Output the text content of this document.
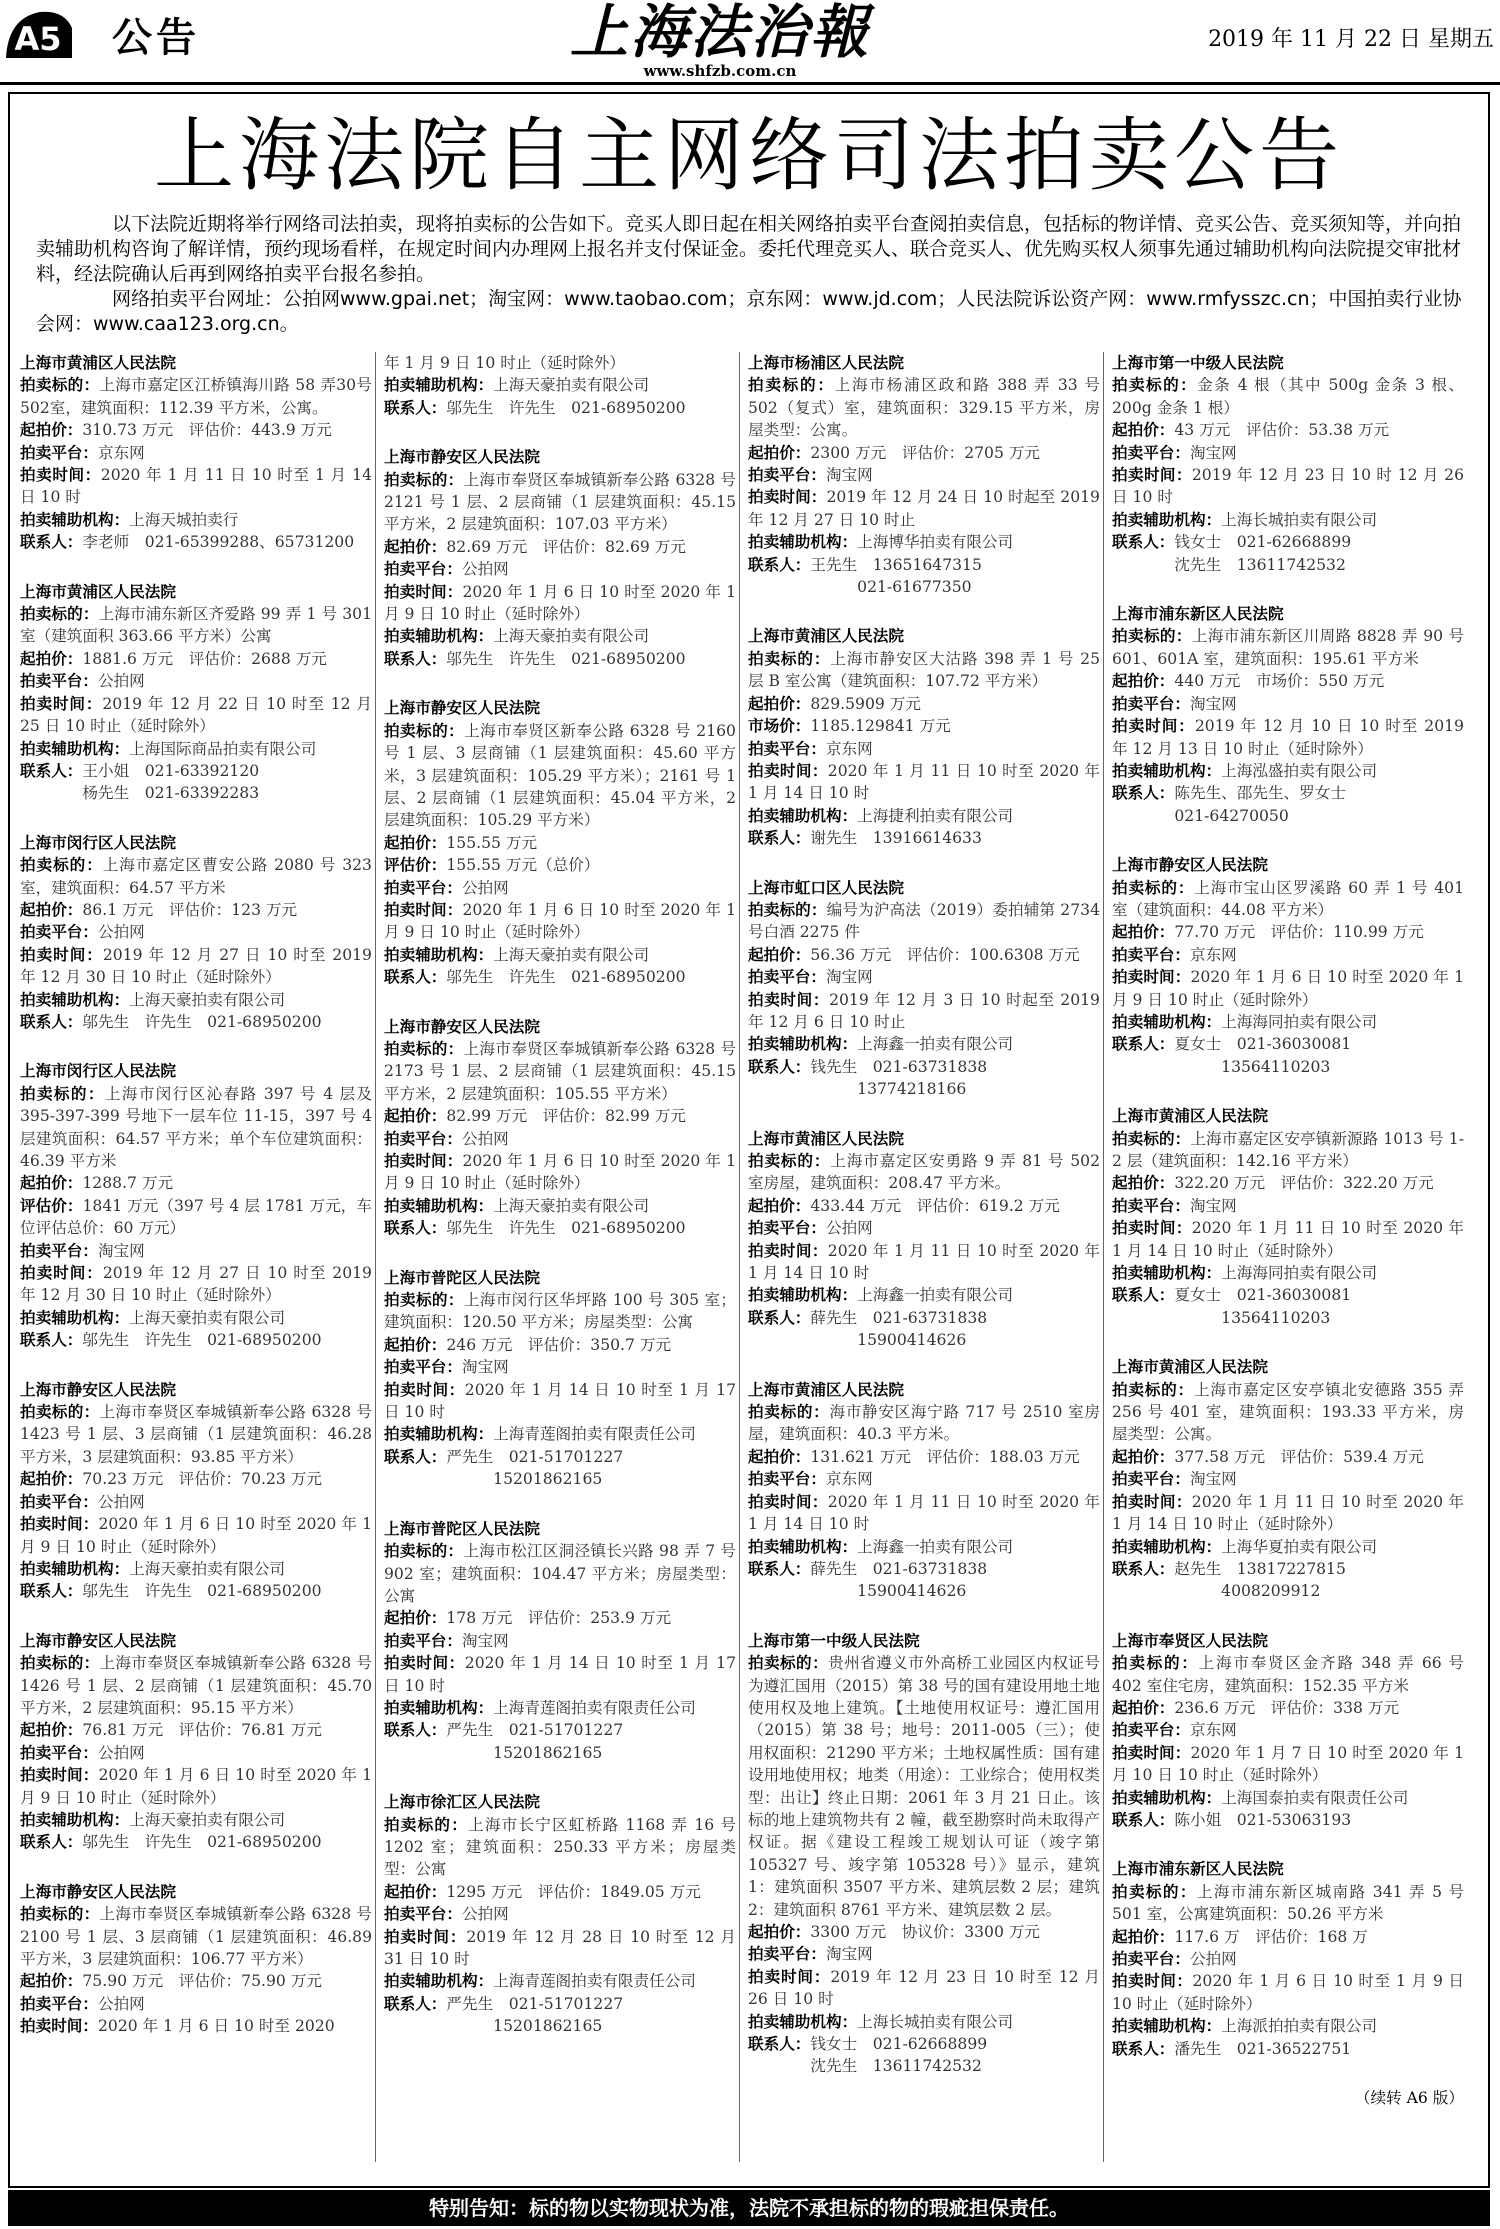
A5 公告	上海法治報
www.shfzb.com.cn
2019 年 11 月 22 日 星期五
上海法院自主网络司法拍卖公告

以下法院近期将举行网络司法拍卖，现将拍卖标的公告如下。竞买人即日起在相关网络拍卖平台查阅拍卖信息，包括标的物详情、竞买公告、竞买须知等，并向拍卖辅助机构咨询了解详情，预约现场看样，在规定时间内办理网上报名并支付保证金。委托代理竞买人、联合竞买人、优先购买权人须事先通过辅助机构向法院提交审批材料，经法院确认后再到网络拍卖平台报名参拍。

网络拍卖平台网址：公拍网www.gpai.net；淘宝网：www.taobao.com；京东网：www.jd.com；人民法院诉讼资产网：www.rmfysszc.cn；中国拍卖行业协会网：www.caa123.org.cn。

上海市黄浦区人民法院
拍卖标的：上海市嘉定区江桥镇海川路 58 弄30号502室，建筑面积：112.39 平方米，公寓。
起拍价：310.73 万元　评估价：443.9 万元
拍卖平台：京东网
拍卖时间：2020 年 1 月 11 日 10 时至 1 月 14 日 10 时
拍卖辅助机构：上海天城拍卖行
联系人：李老师　021-65399288、65731200
上海市黄浦区人民法院
拍卖标的：上海市浦东新区齐爱路 99 弄 1 号 301 室（建筑面积 363.66 平方米）公寓
起拍价：1881.6 万元　评估价：2688 万元
拍卖平台：公拍网
拍卖时间：2019 年 12 月 22 日 10 时至 12 月 25 日 10 时止（延时除外）
拍卖辅助机构：上海国际商品拍卖有限公司
联系人：王小姐　021-63392120
　　　　杨先生　021-63392283
上海市闵行区人民法院
拍卖标的：上海市嘉定区曹安公路 2080 号 323 室，建筑面积：64.57 平方米
起拍价：86.1 万元　评估价：123 万元
拍卖平台：公拍网
拍卖时间：2019 年 12 月 27 日 10 时至 2019 年 12 月 30 日 10 时止（延时除外）
拍卖辅助机构：上海天豪拍卖有限公司
联系人：邬先生　许先生　021-68950200
上海市闵行区人民法院
拍卖标的：上海市闵行区沁春路 397 号 4 层及 395-397-399 号地下一层车位 11-15，397 号 4 层建筑面积：64.57 平方米；单个车位建筑面积：46.39 平方米
起拍价：1288.7 万元
评估价：1841 万元（397 号 4 层 1781 万元，车位评估总价：60 万元）
拍卖平台：淘宝网
拍卖时间：2019 年 12 月 27 日 10 时至 2019 年 12 月 30 日 10 时止（延时除外）
拍卖辅助机构：上海天豪拍卖有限公司
联系人：邬先生　许先生　021-68950200
上海市静安区人民法院
拍卖标的：上海市奉贤区奉城镇新奉公路 6328 号 1423 号 1 层、3 层商铺（1 层建筑面积：46.28 平方米，3 层建筑面积：93.85 平方米）
起拍价：70.23 万元　评估价：70.23 万元
拍卖平台：公拍网
拍卖时间：2020 年 1 月 6 日 10 时至 2020 年 1 月 9 日 10 时止（延时除外）
拍卖辅助机构：上海天豪拍卖有限公司
联系人：邬先生　许先生　021-68950200
上海市静安区人民法院
拍卖标的：上海市奉贤区奉城镇新奉公路 6328 号 1426 号 1 层、2 层商铺（1 层建筑面积：45.70 平方米，2 层建筑面积：95.15 平方米）
起拍价：76.81 万元　评估价：76.81 万元
拍卖平台：公拍网
拍卖时间：2020 年 1 月 6 日 10 时至 2020 年 1 月 9 日 10 时止（延时除外）
拍卖辅助机构：上海天豪拍卖有限公司
联系人：邬先生　许先生　021-68950200
上海市静安区人民法院
拍卖标的：上海市奉贤区奉城镇新奉公路 6328 号 2100 号 1 层、3 层商铺（1 层建筑面积：46.89 平方米，3 层建筑面积：106.77 平方米）
起拍价：75.90 万元　评估价：75.90 万元
拍卖平台：公拍网
拍卖时间：2020 年 1 月 6 日 10 时至 2020
年 1 月 9 日 10 时止（延时除外）
拍卖辅助机构：上海天豪拍卖有限公司
联系人：邬先生　许先生　021-68950200
上海市静安区人民法院
拍卖标的：上海市奉贤区奉城镇新奉公路 6328 号 2121 号 1 层、2 层商铺（1 层建筑面积：45.15 平方米，2 层建筑面积：107.03 平方米）
起拍价：82.69 万元　评估价：82.69 万元
拍卖平台：公拍网
拍卖时间：2020 年 1 月 6 日 10 时至 2020 年 1 月 9 日 10 时止（延时除外）
拍卖辅助机构：上海天豪拍卖有限公司
联系人：邬先生　许先生　021-68950200
上海市静安区人民法院
拍卖标的：上海市奉贤区新奉公路 6328 号 2160 号 1 层、3 层商铺（1 层建筑面积：45.60 平方米，3 层建筑面积：105.29 平方米）；2161 号 1 层、2 层商铺（1 层建筑面积：45.04 平方米，2 层建筑面积：105.29 平方米）
起拍价：155.55 万元
评估价：155.55 万元（总价）
拍卖平台：公拍网
拍卖时间：2020 年 1 月 6 日 10 时至 2020 年 1 月 9 日 10 时止（延时除外）
拍卖辅助机构：上海天豪拍卖有限公司
联系人：邬先生　许先生　021-68950200
上海市静安区人民法院
拍卖标的：上海市奉贤区奉城镇新奉公路 6328 号 2173 号 1 层、2 层商铺（1 层建筑面积：45.15 平方米，2 层建筑面积：105.55 平方米）
起拍价：82.99 万元　评估价：82.99 万元
拍卖平台：公拍网
拍卖时间：2020 年 1 月 6 日 10 时至 2020 年 1 月 9 日 10 时止（延时除外）
拍卖辅助机构：上海天豪拍卖有限公司
联系人：邬先生　许先生　021-68950200
上海市普陀区人民法院
拍卖标的：上海市闵行区华坪路 100 号 305 室；建筑面积：120.50 平方米；房屋类型：公寓
起拍价：246 万元　评估价：350.7 万元
拍卖平台：淘宝网
拍卖时间：2020 年 1 月 14 日 10 时至 1 月 17 日 10 时
拍卖辅助机构：上海青莲阁拍卖有限责任公司
联系人：严先生　021-51701227
　　　　　　　15201862165
上海市普陀区人民法院
拍卖标的：上海市松江区洞泾镇长兴路 98 弄 7 号 902 室；建筑面积：104.47 平方米；房屋类型：公寓
起拍价：178 万元　评估价：253.9 万元
拍卖平台：淘宝网
拍卖时间：2020 年 1 月 14 日 10 时至 1 月 17 日 10 时
拍卖辅助机构：上海青莲阁拍卖有限责任公司
联系人：严先生　021-51701227
　　　　　　　15201862165
上海市徐汇区人民法院
拍卖标的：上海市长宁区虹桥路 1168 弄 16 号 1202 室；建筑面积：250.33 平方米；房屋类型：公寓
起拍价：1295 万元　评估价：1849.05 万元
拍卖平台：公拍网
拍卖时间：2019 年 12 月 28 日 10 时至 12 月 31 日 10 时
拍卖辅助机构：上海青莲阁拍卖有限责任公司
联系人：严先生　021-51701227
　　　　　　　15201862165
上海市杨浦区人民法院
拍卖标的：上海市杨浦区政和路 388 弄 33 号 502（复式）室，建筑面积：329.15 平方米，房屋类型：公寓。
起拍价：2300 万元　评估价：2705 万元
拍卖平台：淘宝网
拍卖时间：2019 年 12 月 24 日 10 时起至 2019 年 12 月 27 日 10 时止
拍卖辅助机构：上海博华拍卖有限公司
联系人：王先生　13651647315
　　　　　　　021-61677350
上海市黄浦区人民法院
拍卖标的：上海市静安区大沽路 398 弄 1 号 25 层 B 室公寓（建筑面积：107.72 平方米）
起拍价：829.5909 万元
市场价：1185.129841 万元
拍卖平台：京东网
拍卖时间：2020 年 1 月 11 日 10 时至 2020 年 1 月 14 日 10 时
拍卖辅助机构：上海捷利拍卖有限公司
联系人：谢先生　13916614633
上海市虹口区人民法院
拍卖标的：编号为沪高法（2019）委拍辅第 2734 号白酒 2275 件
起拍价：56.36 万元　评估价：100.6308 万元
拍卖平台：淘宝网
拍卖时间：2019 年 12 月 3 日 10 时起至 2019 年 12 月 6 日 10 时止
拍卖辅助机构：上海鑫一拍卖有限公司
联系人：钱先生　021-63731838
　　　　　　　13774218166
上海市黄浦区人民法院
拍卖标的：上海市嘉定区安勇路 9 弄 81 号 502 室房屋，建筑面积：208.47 平方米。
起拍价：433.44 万元　评估价：619.2 万元
拍卖平台：公拍网
拍卖时间：2020 年 1 月 11 日 10 时至 2020 年 1 月 14 日 10 时
拍卖辅助机构：上海鑫一拍卖有限公司
联系人：薛先生　021-63731838
　　　　　　　15900414626
上海市黄浦区人民法院
拍卖标的：海市静安区海宁路 717 号 2510 室房屋，建筑面积：40.3 平方米。
起拍价：131.621 万元　评估价：188.03 万元
拍卖平台：京东网
拍卖时间：2020 年 1 月 11 日 10 时至 2020 年 1 月 14 日 10 时
拍卖辅助机构：上海鑫一拍卖有限公司
联系人：薛先生　021-63731838
　　　　　　　15900414626
上海市第一中级人民法院
拍卖标的：贵州省遵义市外高桥工业园区内权证号为遵汇国用（2015）第 38 号的国有建设用地土地使用权及地上建筑。【土地使用权证号：遵汇国用（2015）第 38 号；地号：2011-005（三）；使用权面积：21290 平方米；土地权属性质：国有建设用地使用权；地类（用途）：工业综合；使用权类型：出让】终止日期：2061 年 3 月 21 日止。该标的地上建筑物共有 2 幢，截至勘察时尚未取得产权证。据《建设工程竣工规划认可证（竣字第 105327 号、竣字第 105328 号）》显示，建筑 1：建筑面积 3507 平方米、建筑层数 2 层；建筑 2：建筑面积 8761 平方米、建筑层数 2 层。
起拍价：3300 万元　协议价：3300 万元
拍卖平台：淘宝网
拍卖时间：2019 年 12 月 23 日 10 时至 12 月 26 日 10 时
拍卖辅助机构：上海长城拍卖有限公司
联系人：钱女士　021-62668899
　　　　沈先生　13611742532
上海市第一中级人民法院
拍卖标的：金条 4 根（其中 500g 金条 3 根、200g 金条 1 根）
起拍价：43 万元　评估价：53.38 万元
拍卖平台：淘宝网
拍卖时间：2019 年 12 月 23 日 10 时 12 月 26 日 10 时
拍卖辅助机构：上海长城拍卖有限公司
联系人：钱女士　021-62668899
　　　　沈先生　13611742532
上海市浦东新区人民法院
拍卖标的：上海市浦东新区川周路 8828 弄 90 号 601、601A 室，建筑面积：195.61 平方米
起拍价：440 万元　市场价：550 万元
拍卖平台：淘宝网
拍卖时间：2019 年 12 月 10 日 10 时至 2019 年 12 月 13 日 10 时止（延时除外）
拍卖辅助机构：上海泓盛拍卖有限公司
联系人：陈先生、邵先生、罗女士
　　　　021-64270050
上海市静安区人民法院
拍卖标的：上海市宝山区罗溪路 60 弄 1 号 401 室（建筑面积：44.08 平方米）
起拍价：77.70 万元　评估价：110.99 万元
拍卖平台：京东网
拍卖时间：2020 年 1 月 6 日 10 时至 2020 年 1 月 9 日 10 时止（延时除外）
拍卖辅助机构：上海海同拍卖有限公司
联系人：夏女士　021-36030081
　　　　　　　13564110203
上海市黄浦区人民法院
拍卖标的：上海市嘉定区安亭镇新源路 1013 号 1-2 层（建筑面积：142.16 平方米）
起拍价：322.20 万元　评估价：322.20 万元
拍卖平台：淘宝网
拍卖时间：2020 年 1 月 11 日 10 时至 2020 年 1 月 14 日 10 时止（延时除外）
拍卖辅助机构：上海海同拍卖有限公司
联系人：夏女士　021-36030081
　　　　　　　13564110203
上海市黄浦区人民法院
拍卖标的：上海市嘉定区安亭镇北安德路 355 弄 256 号 401 室，建筑面积：193.33 平方米，房屋类型：公寓。
起拍价：377.58 万元　评估价：539.4 万元
拍卖平台：淘宝网
拍卖时间：2020 年 1 月 11 日 10 时至 2020 年 1 月 14 日 10 时止（延时除外）
拍卖辅助机构：上海华夏拍卖有限公司
联系人：赵先生　13817227815
　　　　　　　4008209912
上海市奉贤区人民法院
拍卖标的：上海市奉贤区金齐路 348 弄 66 号 402 室住宅房，建筑面积：152.35 平方米
起拍价：236.6 万元　评估价：338 万元
拍卖平台：京东网
拍卖时间：2020 年 1 月 7 日 10 时至 2020 年 1 月 10 日 10 时止（延时除外）
拍卖辅助机构：上海国泰拍卖有限责任公司
联系人：陈小姐　021-53063193
上海市浦东新区人民法院
拍卖标的：上海市浦东新区城南路 341 弄 5 号 501 室，公寓建筑面积：50.26 平方米
起拍价：117.6 万　评估价：168 万
拍卖平台：公拍网
拍卖时间：2020 年 1 月 6 日 10 时至 1 月 9 日 10 时止（延时除外）
拍卖辅助机构：上海派拍拍卖有限公司
联系人：潘先生　021-36522751
（续转 A6 版）
特别告知：标的物以实物现状为准，法院不承担标的物的瑕疵担保责任。
